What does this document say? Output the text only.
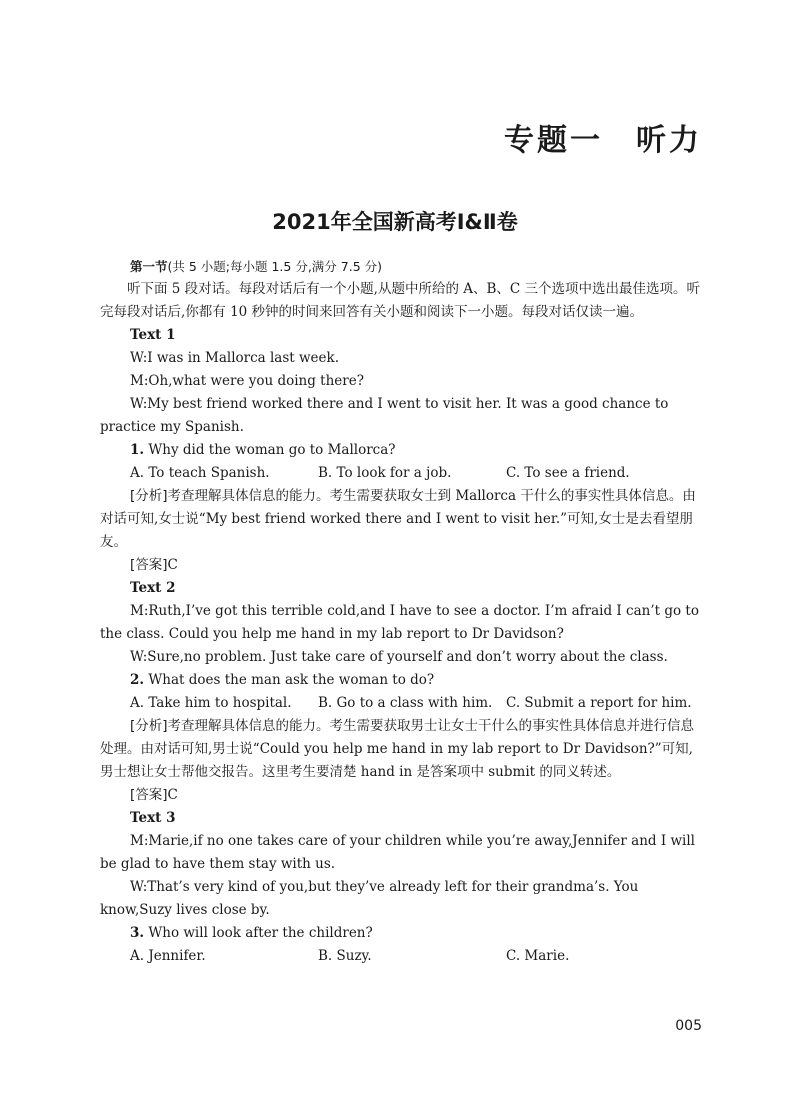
专题一　听力
2021年全国新高考Ⅰ&Ⅱ卷

第一节(共 5 小题;每小题 1.5 分,满分 7.5 分)

听下面 5 段对话。每段对话后有一个小题,从题中所给的 A、B、C 三个选项中选出最佳选项。听完每段对话后,你都有 10 秒钟的时间来回答有关小题和阅读下一小题。每段对话仅读一遍。

Text 1

W:I was in Mallorca last week.

M:Oh,what were you doing there?

W:My best friend worked there and I went to visit her. It was a good chance to practice my Spanish.

1. Why did the woman go to Mallorca?

A. To teach Spanish.	B. To look for a job.	C. To see a friend.

[分析]考查理解具体信息的能力。考生需要获取女士到 Mallorca 干什么的事实性具体信息。由对话可知,女士说“My best friend worked there and I went to visit her.”可知,女士是去看望朋友。

[答案]C

Text 2

M:Ruth,I’ve got this terrible cold,and I have to see a doctor. I’m afraid I can’t go to the class. Could you help me hand in my lab report to Dr Davidson?

W:Sure,no problem. Just take care of yourself and don’t worry about the class.

2. What does the man ask the woman to do?

A. Take him to hospital.	B. Go to a class with him.	C. Submit a report for him.

[分析]考查理解具体信息的能力。考生需要获取男士让女士干什么的事实性具体信息并进行信息处理。由对话可知,男士说“Could you help me hand in my lab report to Dr Davidson?”可知,男士想让女士帮他交报告。这里考生要清楚 hand in 是答案项中 submit 的同义转述。

[答案]C

Text 3

M:Marie,if no one takes care of your children while you’re away,Jennifer and I will be glad to have them stay with us.

W:That’s very kind of you,but they’ve already left for their grandma’s. You know,Suzy lives close by.

3. Who will look after the children?

A. Jennifer.	B. Suzy.	C. Marie.

005
